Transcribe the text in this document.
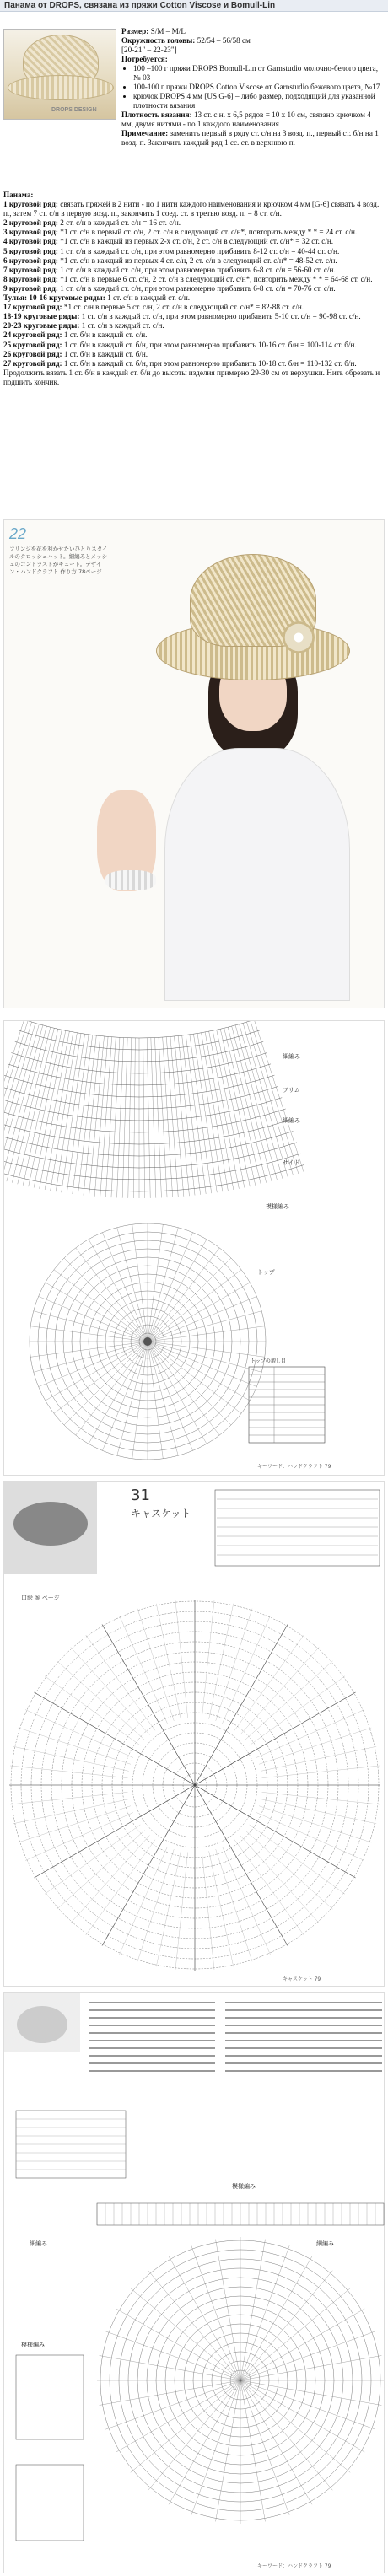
Панама от DROPS, связана из пряжи Cotton Viscose и Bomull-Lin
DROPS DESIGN
Размер: S/M – M/L
Окружность головы: 52/54 – 56/58 см
[20-21" – 22-23"]
Потребуется:
• 100 –100 г пряжи DROPS Bomull-Lin от Garnstudio молочно-белого цвета, № 03
• 100-100 г пряжи DROPS Cotton Viscose от Garnstudio бежевого цвета, №17
• крючок DROPS 4 мм [US G-6] – либо размер, подходящий для указанной плотности вязания
Плотность вязания: 13 ст. с н. x 6,5 рядов = 10 x 10 см, связано крючком 4 мм, двумя нитями - по 1 каждого наименования
Примечание: заменить первый в ряду ст. с/н на 3 возд. п., первый ст. б/н на 1 возд. п. Закончить каждый ряд 1 сс. ст. в верхнюю п.

Панама:

1 круговой ряд: связать пряжей в 2 нити - по 1 нити каждого наименования и крючком 4 мм [G-6] связать 4 возд. п., затем 7 ст. с/н в первую возд. п., закончить 1 соед. ст. в третью возд. п. = 8 ст. с/н.

2 круговой ряд: 2 ст. с/н в каждый ст. с/н = 16 ст. с/н.

3 круговой ряд: *1 ст. с/н в первый ст. с/н, 2 ст. с/н в следующий ст. с/н*, повторить между * * = 24 ст. с/н.

4 круговой ряд: *1 ст. с/н в каждый из первых 2-х ст. с/н, 2 ст. с/н в следующий ст. с/н* = 32 ст. с/н.

5 круговой ряд: 1 ст. с/н в каждый ст. с/н, при этом равномерно прибавить 8-12 ст. с/н = 40-44 ст. с/н.

6 круговой ряд: *1 ст. с/н в каждый из первых 4 ст. с/н, 2 ст. с/н в следующий ст. с/н* = 48-52 ст. с/н.

7 круговой ряд: 1 ст. с/н в каждый ст. с/н, при этом равномерно прибавить 6-8 ст. с/н = 56-60 ст. с/н.

8 круговой ряд: *1 ст. с/н в первые 6 ст. с/н, 2 ст. с/н в следующий ст. с/н*, повторить между * * = 64-68 ст. с/н.

9 круговой ряд: 1 ст. с/н в каждый ст. с/н, при этом равномерно прибавить 6-8 ст. с/н = 70-76 ст. с/н.

Тулья: 10-16 круговые ряды: 1 ст. с/н в каждый ст. с/н.

17 круговой ряд: *1 ст. с/н в первые 5 ст. с/н, 2 ст. с/н в следующий ст. с/н* = 82-88 ст. с/н.

18-19 круговые ряды: 1 ст. с/н в каждый ст. с/н, при этом равномерно прибавить 5-10 ст. с/н = 90-98 ст. с/н.

20-23 круговые ряды: 1 ст. с/н в каждый ст. с/н.

24 круговой ряд: 1 ст. б/н в каждый ст. с/н.

25 круговой ряд: 1 ст. б/н в каждый ст. б/н, при этом равномерно прибавить 10-16 ст. б/н = 100-114 ст. б/н.

26 круговой ряд: 1 ст. б/н в каждый ст. б/н.

27 круговой ряд: 1 ст. б/н в каждый ст. б/н, при этом равномерно прибавить 10-18 ст. б/н = 110-132 ст. б/н.

Продолжить вязать 1 ст. б/н в каждый ст. б/н до высоты изделия примерно 29-30 см от верхушки. Нить обрезать и подшить кончик.

22
フリンジを花を利かせたいひとりスタイルのクロッシェハット。細編みとメッシュのコントラストがキュート。デザイン・ハンドクラフト 作り方 78ページ
トップの増し目
細編み
ブリム
細編み
サイド
模様編み
トップ
キーワード：ハンドクラフト 79
31
キャスケット
口絵 ⑤ ページ
キャスケット 79
模様編み
細編み
細編み
模様編み
キーワード：ハンドクラフト 79
